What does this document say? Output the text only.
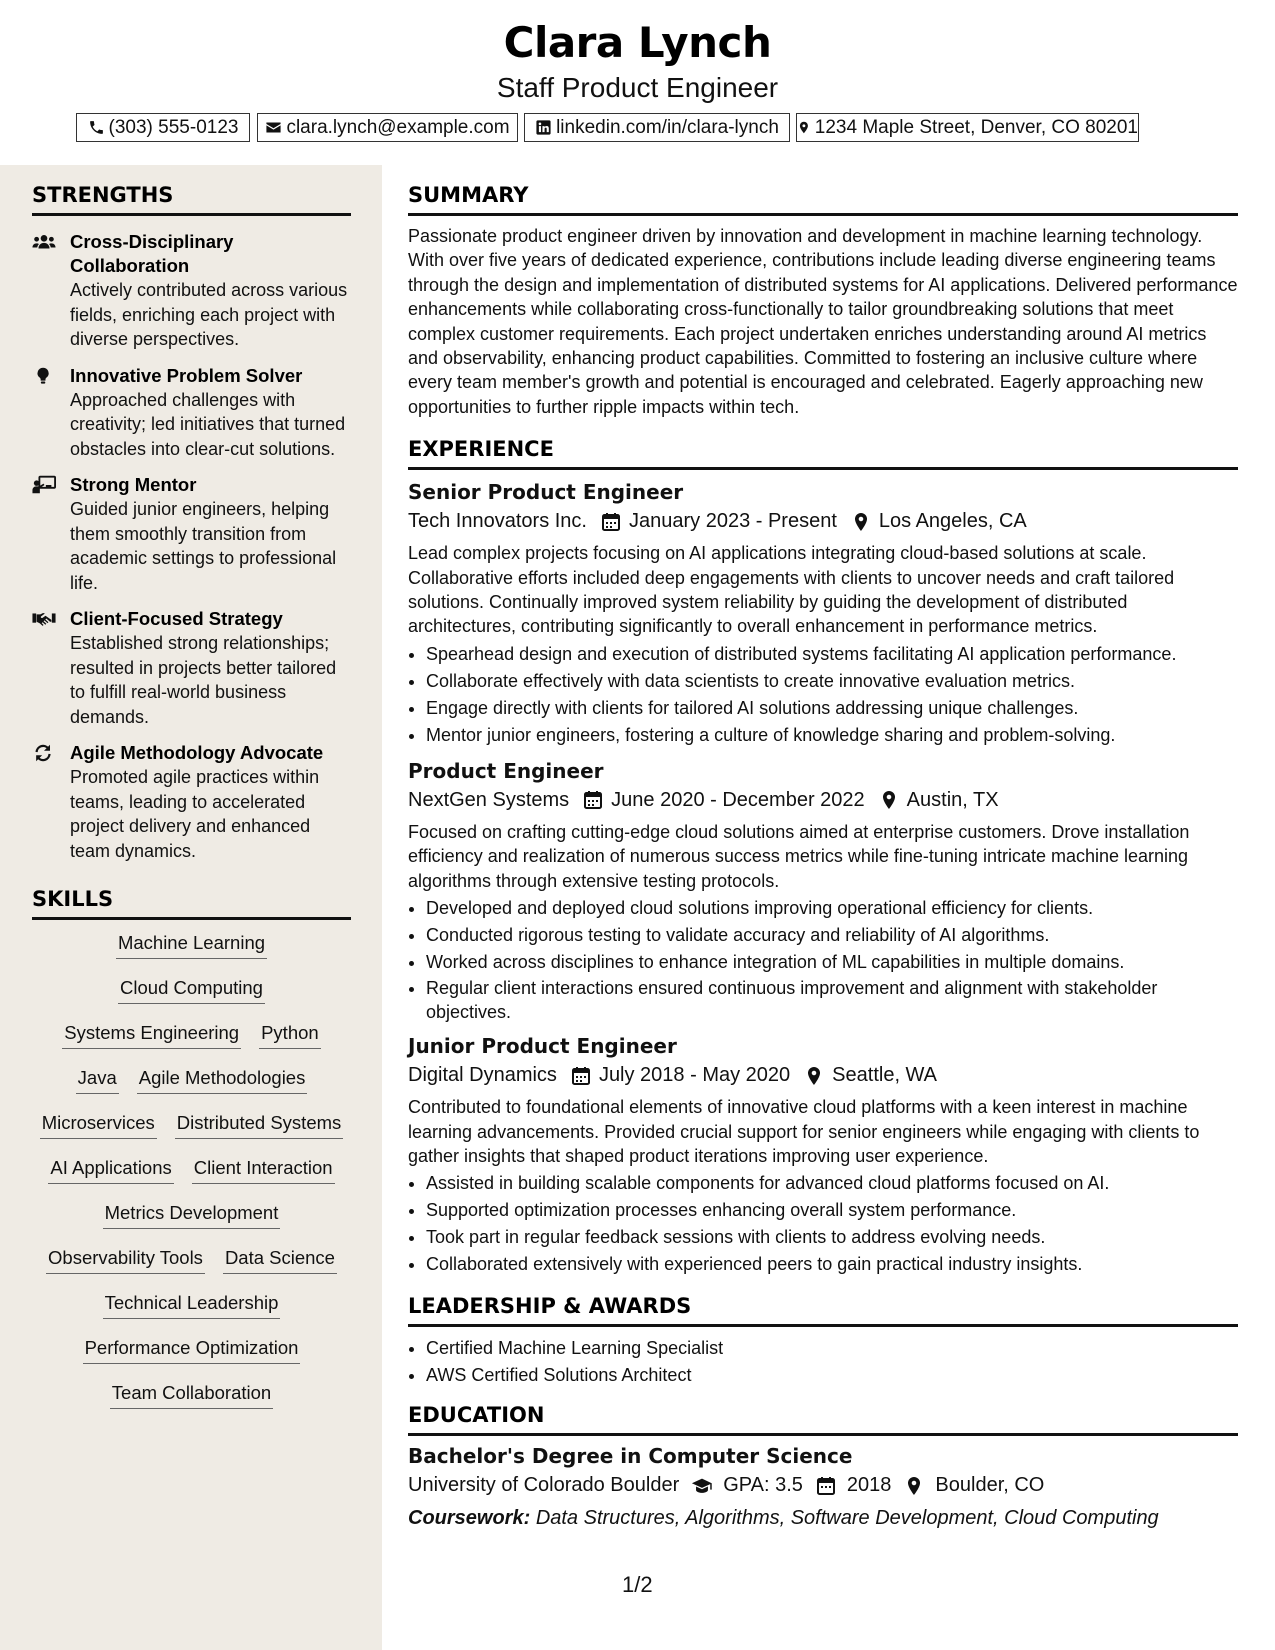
Clara Lynch
Staff Product Engineer
(303) 555-0123	clara.lynch@example.com linkedin.com/in/clara-lynch 1234 Maple Street, Denver, CO 80201
STRENGTHS
Cross-Disciplinary Collaboration
Actively contributed across various fields, enriching each project with diverse perspectives.
Innovative Problem Solver
Approached challenges with creativity; led initiatives that turned obstacles into clear-cut solutions.
Strong Mentor
Guided junior engineers, helping them smoothly transition from academic settings to professional life.
Client-Focused Strategy
Established strong relationships; resulted in projects better tailored to fulfill real-world business demands.
Agile Methodology Advocate
Promoted agile practices within teams, leading to accelerated project delivery and enhanced team dynamics.
SKILLS
Machine Learning
Cloud Computing
Systems Engineering Python
Java Agile Methodologies
Microservices Distributed Systems
AI Applications Client Interaction
Metrics Development
Observability Tools Data Science
Technical Leadership
Performance Optimization
Team Collaboration
SUMMARY
Passionate product engineer driven by innovation and development in machine learning technology. With over five years of dedicated experience, contributions include leading diverse engineering teams through the design and implementation of distributed systems for AI applications. Delivered performance enhancements while collaborating cross-functionally to tailor groundbreaking solutions that meet complex customer requirements. Each project undertaken enriches understanding around AI metrics and observability, enhancing product capabilities. Committed to fostering an inclusive culture where every team member's growth and potential is encouraged and celebrated. Eagerly approaching new opportunities to further ripple impacts within tech.
EXPERIENCE
Senior Product Engineer
Tech Innovators Inc. January 2023 - Present Los Angeles, CA
Lead complex projects focusing on AI applications integrating cloud-based solutions at scale. Collaborative efforts included deep engagements with clients to uncover needs and craft tailored solutions. Continually improved system reliability by guiding the development of distributed architectures, contributing significantly to overall enhancement in performance metrics.
• Spearhead design and execution of distributed systems facilitating AI application performance.
• Collaborate effectively with data scientists to create innovative evaluation metrics.
• Engage directly with clients for tailored AI solutions addressing unique challenges.
• Mentor junior engineers, fostering a culture of knowledge sharing and problem-solving.
Product Engineer
NextGen Systems June 2020 - December 2022 Austin, TX
Focused on crafting cutting-edge cloud solutions aimed at enterprise customers. Drove installation efficiency and realization of numerous success metrics while fine-tuning intricate machine learning algorithms through extensive testing protocols.
• Developed and deployed cloud solutions improving operational efficiency for clients.
• Conducted rigorous testing to validate accuracy and reliability of AI algorithms.
• Worked across disciplines to enhance integration of ML capabilities in multiple domains.
• Regular client interactions ensured continuous improvement and alignment with stakeholder objectives.
Junior Product Engineer
Digital Dynamics July 2018 - May 2020 Seattle, WA
Contributed to foundational elements of innovative cloud platforms with a keen interest in machine learning advancements. Provided crucial support for senior engineers while engaging with clients to gather insights that shaped product iterations improving user experience.
• Assisted in building scalable components for advanced cloud platforms focused on AI.
• Supported optimization processes enhancing overall system performance.
• Took part in regular feedback sessions with clients to address evolving needs.
• Collaborated extensively with experienced peers to gain practical industry insights.
LEADERSHIP & AWARDS
• Certified Machine Learning Specialist
• AWS Certified Solutions Architect
EDUCATION
Bachelor's Degree in Computer Science
University of Colorado Boulder GPA: 3.5 2018 Boulder, CO
Coursework: Data Structures, Algorithms, Software Development, Cloud Computing
1/2
